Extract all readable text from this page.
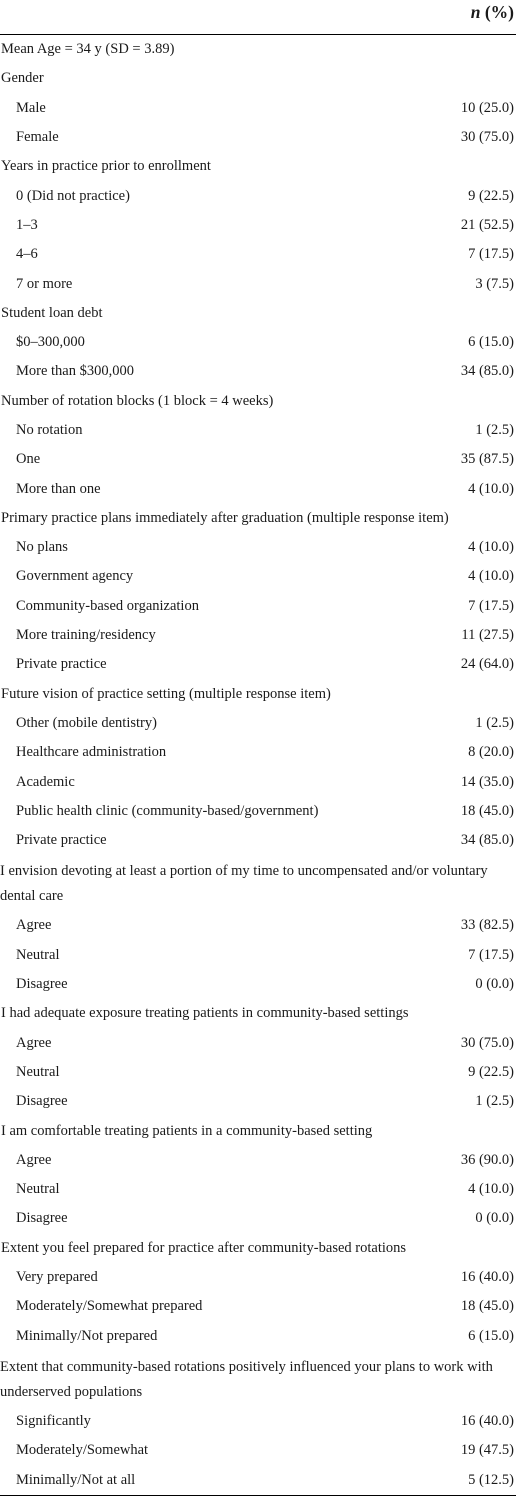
n (%)
Mean Age = 34 y (SD = 3.89)
Gender
Male	10 (25.0)
Female	30 (75.0)
Years in practice prior to enrollment
0 (Did not practice)	9 (22.5)
1–3	21 (52.5)
4–6	7 (17.5)
7 or more	3 (7.5)
Student loan debt
$0–300,000	6 (15.0)
More than $300,000	34 (85.0)
Number of rotation blocks (1 block = 4 weeks)
No rotation	1 (2.5)
One	35 (87.5)
More than one	4 (10.0)
Primary practice plans immediately after graduation (multiple response item)
No plans	4 (10.0)
Government agency	4 (10.0)
Community-based organization	7 (17.5)
More training/residency	11 (27.5)
Private practice	24 (64.0)
Future vision of practice setting (multiple response item)
Other (mobile dentistry)	1 (2.5)
Healthcare administration	8 (20.0)
Academic	14 (35.0)
Public health clinic (community-based/government)	18 (45.0)
Private practice	34 (85.0)
I envision devoting at least a portion of my time to uncompensated and/or voluntary dental care
Agree	33 (82.5)
Neutral	7 (17.5)
Disagree	0 (0.0)
I had adequate exposure treating patients in community-based settings
Agree	30 (75.0)
Neutral	9 (22.5)
Disagree	1 (2.5)
I am comfortable treating patients in a community-based setting
Agree	36 (90.0)
Neutral	4 (10.0)
Disagree	0 (0.0)
Extent you feel prepared for practice after community-based rotations
Very prepared	16 (40.0)
Moderately/Somewhat prepared	18 (45.0)
Minimally/Not prepared	6 (15.0)
Extent that community-based rotations positively influenced your plans to work with underserved populations
Significantly	16 (40.0)
Moderately/Somewhat	19 (47.5)
Minimally/Not at all	5 (12.5)
